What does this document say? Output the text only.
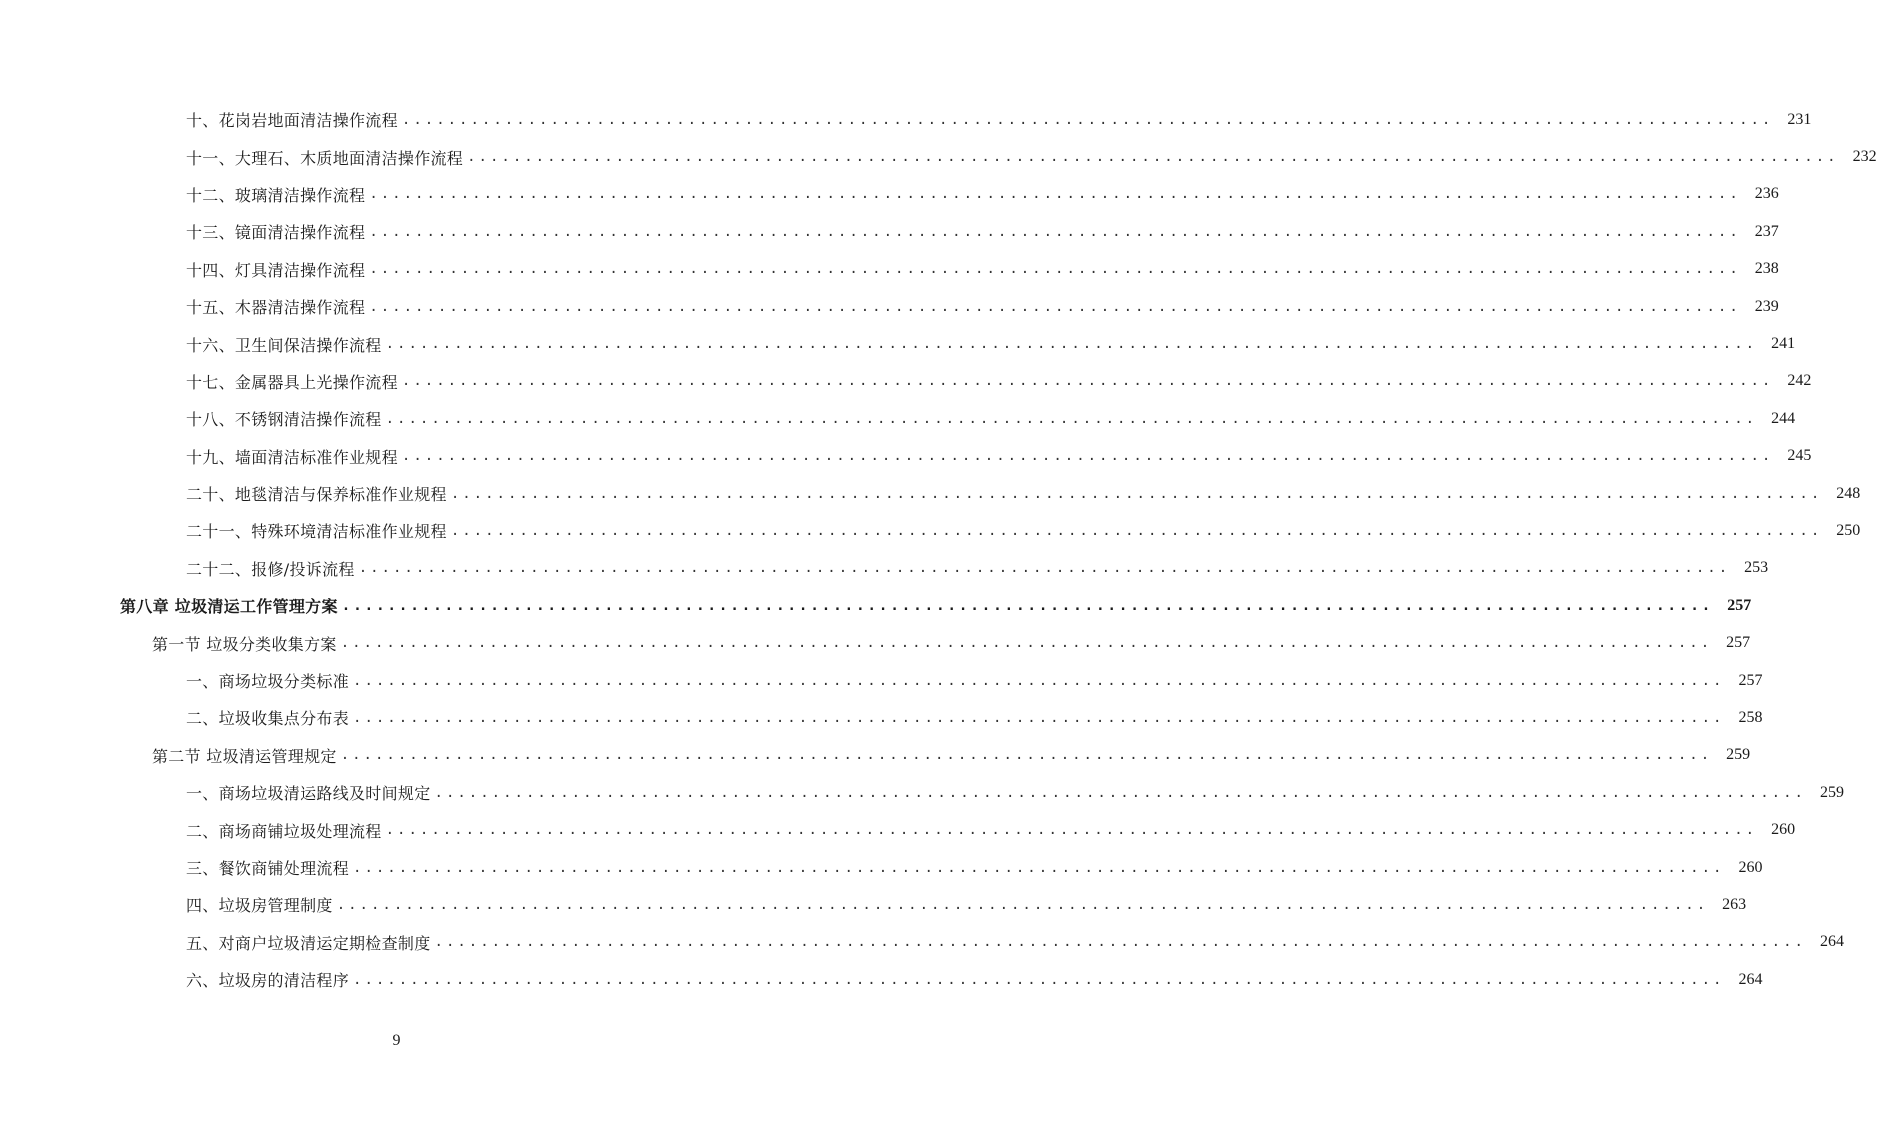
十、花岗岩地面清洁操作流程 ........................................................................................................................ 231
十一、大理石、木质地面清洁操作流程 ........................................................................................................................ 232
十二、玻璃清洁操作流程 ........................................................................................................................ 236
十三、镜面清洁操作流程 ........................................................................................................................ 237
十四、灯具清洁操作流程 ........................................................................................................................ 238
十五、木器清洁操作流程 ........................................................................................................................ 239
十六、卫生间保洁操作流程 ........................................................................................................................ 241
十七、金属器具上光操作流程 ........................................................................................................................ 242
十八、不锈钢清洁操作流程 ........................................................................................................................ 244
十九、墙面清洁标准作业规程 ........................................................................................................................ 245
二十、地毯清洁与保养标准作业规程 ........................................................................................................................ 248
二十一、特殊环境清洁标准作业规程 ........................................................................................................................ 250
二十二、报修/投诉流程 ........................................................................................................................ 253
第八章 垃圾清运工作管理方案 ........................................................................................................................ 257
第一节 垃圾分类收集方案 ........................................................................................................................ 257
一、商场垃圾分类标准 ........................................................................................................................ 257
二、垃圾收集点分布表 ........................................................................................................................ 258
第二节 垃圾清运管理规定 ........................................................................................................................ 259
一、商场垃圾清运路线及时间规定 ........................................................................................................................ 259
二、商场商铺垃圾处理流程 ........................................................................................................................ 260
三、餐饮商铺处理流程 ........................................................................................................................ 260
四、垃圾房管理制度 ........................................................................................................................ 263
五、对商户垃圾清运定期检查制度 ........................................................................................................................ 264
六、垃圾房的清洁程序 ........................................................................................................................ 264
9
